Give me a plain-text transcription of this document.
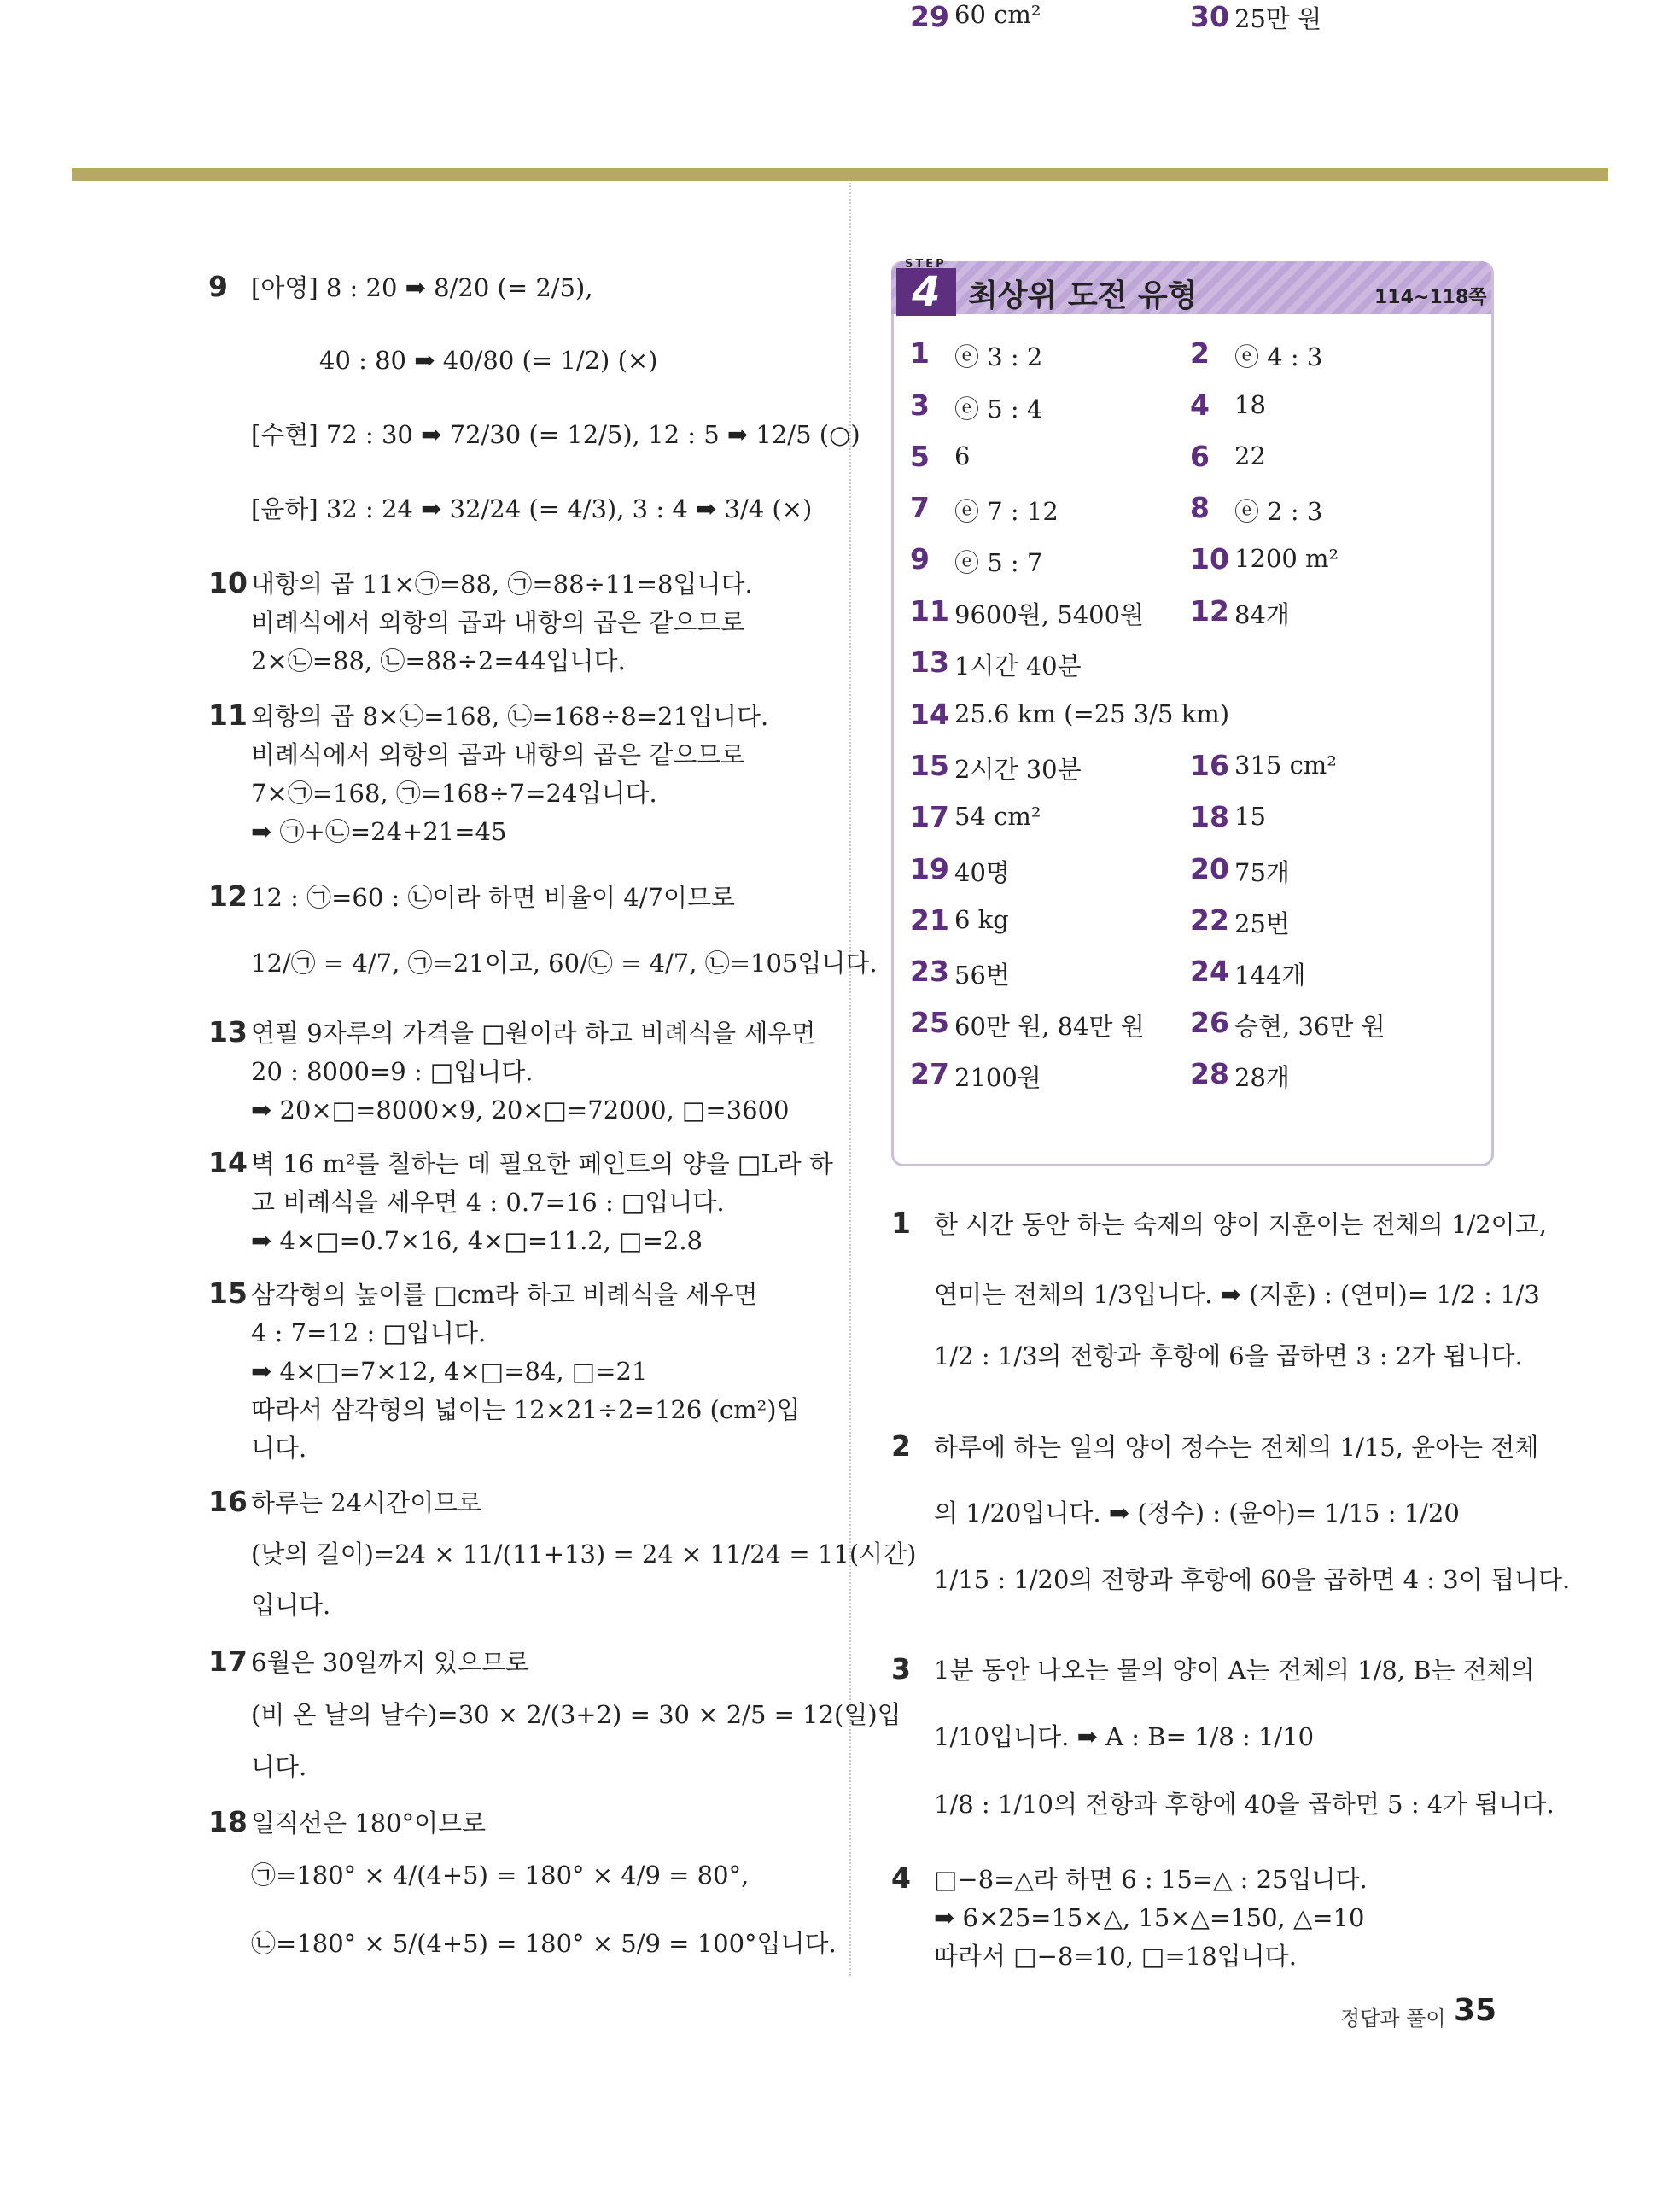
9 [아영] 8 : 20 ➡ 8/20 (= 2/5),
40 : 80 ➡ 40/80 (= 1/2) (×)
[수현] 72 : 30 ➡ 72/30 (= 12/5), 12 : 5 ➡ 12/5 (○)
[윤하] 32 : 24 ➡ 32/24 (= 4/3), 3 : 4 ➡ 3/4 (×)
10 내항의 곱 11×㉠=88, ㉠=88÷11=8입니다.
비례식에서 외항의 곱과 내항의 곱은 같으므로
2×㉡=88, ㉡=88÷2=44입니다.
11 외항의 곱 8×㉡=168, ㉡=168÷8=21입니다.
비례식에서 외항의 곱과 내항의 곱은 같으므로
7×㉠=168, ㉠=168÷7=24입니다.
➡ ㉠+㉡=24+21=45
12 12 : ㉠=60 : ㉡이라 하면 비율이 4/7이므로
12/㉠ = 4/7, ㉠=21이고, 60/㉡ = 4/7, ㉡=105입니다.
13 연필 9자루의 가격을 □원이라 하고 비례식을 세우면
20 : 8000=9 : □입니다.
➡ 20×□=8000×9, 20×□=72000, □=3600
14 벽 16 m²를 칠하는 데 필요한 페인트의 양을 □L라 하
고 비례식을 세우면 4 : 0.7=16 : □입니다.
➡ 4×□=0.7×16, 4×□=11.2, □=2.8
15 삼각형의 높이를 □cm라 하고 비례식을 세우면
4 : 7=12 : □입니다.
➡ 4×□=7×12, 4×□=84, □=21
따라서 삼각형의 넓이는 12×21÷2=126 (cm²)입
니다.
16 하루는 24시간이므로
(낮의 길이)=24 × 11/(11+13) = 24 × 11/24 = 11(시간)
입니다.
17 6월은 30일까지 있으므로
(비 온 날의 날수)=30 × 2/(3+2) = 30 × 2/5 = 12(일)입
니다.
18 일직선은 180°이므로
㉠=180° × 4/(4+5) = 180° × 4/9 = 80°,
㉡=180° × 5/(4+5) = 180° × 5/9 = 100°입니다.
STEP
4 최상위 도전 유형	114~118쪽
1 ⓔ 3 : 2	2 ⓔ 4 : 3
3 ⓔ 5 : 4	4 18
5 6	6 22
7 ⓔ 7 : 12	8 ⓔ 2 : 3
9 ⓔ 5 : 7	10 1200 m²
11 9600원, 5400원 12 84개
13 1시간 40분
14 25.6 km (=25 3/5 km)
15 2시간 30분	16 315 cm²
17 54 cm²	18 15
19 40명	20 75개
21 6 kg	22 25번
23 56번	24 144개
25 60만 원, 84만 원 26 승현, 36만 원
27 2100원	28 28개
29 60 cm²	30 25만 원
1 한 시간 동안 하는 숙제의 양이 지훈이는 전체의 1/2이고,
연미는 전체의 1/3입니다. ➡ (지훈) : (연미)= 1/2 : 1/3
1/2 : 1/3의 전항과 후항에 6을 곱하면 3 : 2가 됩니다.
2 하루에 하는 일의 양이 정수는 전체의 1/15, 윤아는 전체
의 1/20입니다. ➡ (정수) : (윤아)= 1/15 : 1/20
1/15 : 1/20의 전항과 후항에 60을 곱하면 4 : 3이 됩니다.
3 1분 동안 나오는 물의 양이 A는 전체의 1/8, B는 전체의
1/10입니다. ➡ A : B= 1/8 : 1/10
1/8 : 1/10의 전항과 후항에 40을 곱하면 5 : 4가 됩니다.
4 □−8=△라 하면 6 : 15=△ : 25입니다.
➡ 6×25=15×△, 15×△=150, △=10
따라서 □−8=10, □=18입니다.
정답과 풀이 35
